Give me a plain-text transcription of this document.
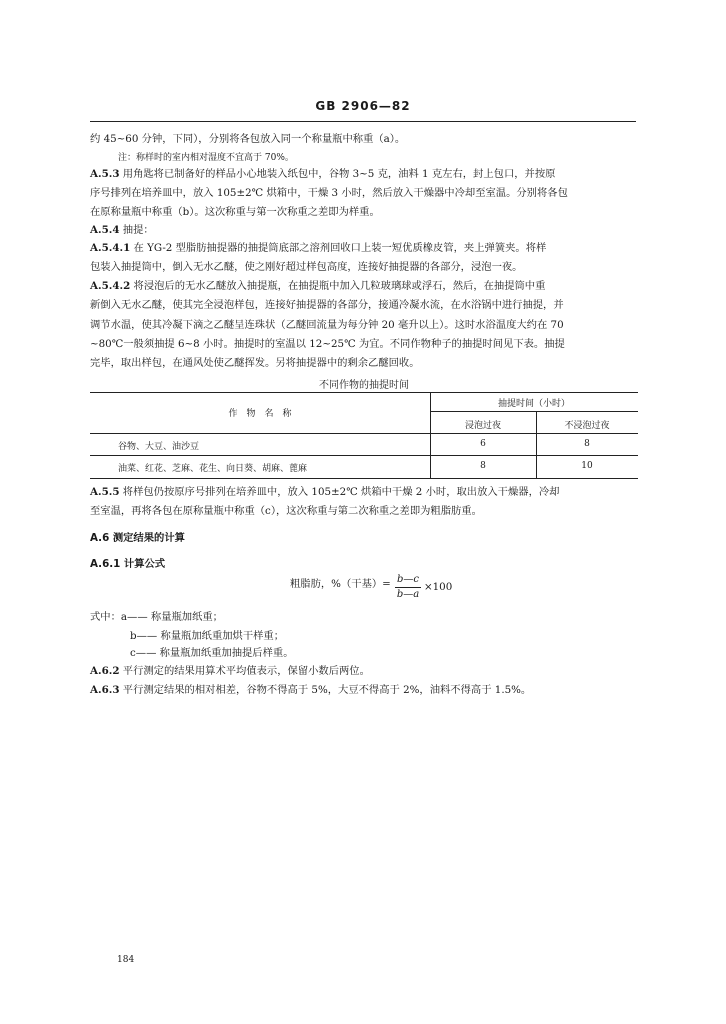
GB 2906—82
约 45~60 分钟，下同），分别将各包放入同一个称量瓶中称重（a）。
注：称样时的室内相对湿度不宜高于 70%。
A.5.3 用角匙将已制备好的样品小心地装入纸包中，谷物 3~5 克，油料 1 克左右，封上包口，并按原
序号排列在培养皿中，放入 105±2℃ 烘箱中，干燥 3 小时，然后放入干燥器中冷却至室温。分别将各包
在原称量瓶中称重（b）。这次称重与第一次称重之差即为样重。
A.5.4 抽提：
A.5.4.1 在 YG-2 型脂肪抽提器的抽提筒底部之溶剂回收口上装一短优质橡皮管，夹上弹簧夹。将样
包装入抽提筒中，倒入无水乙醚，使之刚好超过样包高度，连接好抽提器的各部分，浸泡一夜。
A.5.4.2 将浸泡后的无水乙醚放入抽提瓶，在抽提瓶中加入几粒玻璃球或浮石，然后，在抽提筒中重
新倒入无水乙醚，使其完全浸泡样包，连接好抽提器的各部分，接通冷凝水流，在水浴锅中进行抽提，并
调节水温，使其冷凝下滴之乙醚呈连珠状（乙醚回流量为每分钟 20 毫升以上）。这时水浴温度大约在 70
~80℃一般须抽提 6~8 小时。抽提时的室温以 12~25℃ 为宜。不同作物种子的抽提时间见下表。抽提
完毕，取出样包，在通风处使乙醚挥发。另将抽提器中的剩余乙醚回收。
不同作物的抽提时间
作　物　名　称
抽提时间（小时）
浸泡过夜	不浸泡过夜
谷物、大豆、油沙豆	6	8
油菜、红花、芝麻、花生、向日葵、胡麻、蓖麻	8	10
A.5.5 将样包仍按原序号排列在培养皿中，放入 105±2℃ 烘箱中干燥 2 小时，取出放入干燥器，冷却
至室温，再将各包在原称量瓶中称重（c），这次称重与第二次称重之差即为粗脂肪重。
A.6 测定结果的计算
A.6.1 计算公式
粗脂肪，%（干基）= b—c
b—a
×100
式中：a—— 称量瓶加纸重；
b—— 称量瓶加纸重加烘干样重；
c—— 称量瓶加纸重加抽提后样重。
A.6.2 平行测定的结果用算术平均值表示，保留小数后两位。
A.6.3 平行测定结果的相对相差，谷物不得高于 5%，大豆不得高于 2%，油料不得高于 1.5%。
184
